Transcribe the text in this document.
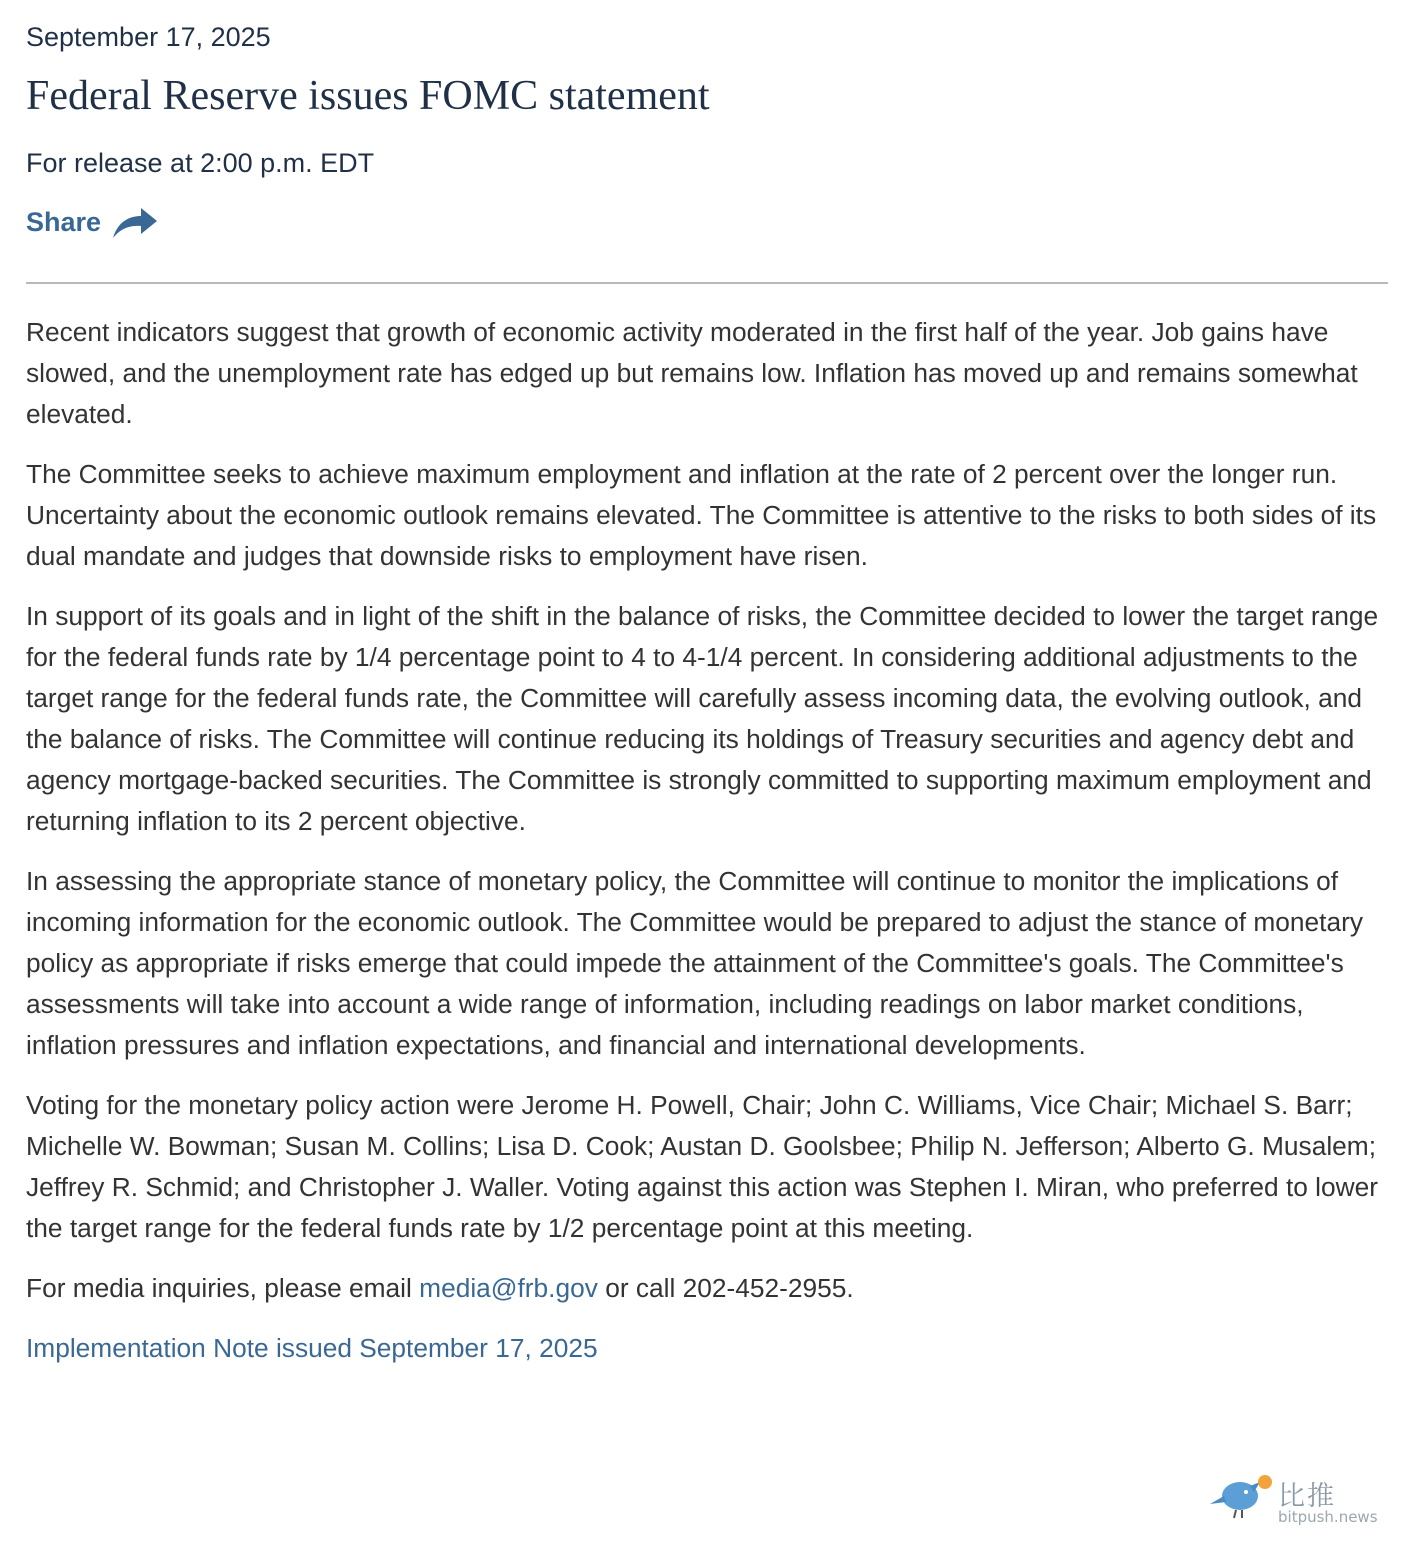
September 17, 2025

Federal Reserve issues FOMC statement

For release at 2:00 p.m. EDT

Share

Recent indicators suggest that growth of economic activity moderated in the first half of the year. Job gains have slowed, and the unemployment rate has edged up but remains low. Inflation has moved up and remains somewhat elevated.

The Committee seeks to achieve maximum employment and inflation at the rate of 2 percent over the longer run. Uncertainty about the economic outlook remains elevated. The Committee is attentive to the risks to both sides of its dual mandate and judges that downside risks to employment have risen.

In support of its goals and in light of the shift in the balance of risks, the Committee decided to lower the target range for the federal funds rate by 1/4 percentage point to 4 to 4-1/4 percent. In considering additional adjustments to the target range for the federal funds rate, the Committee will carefully assess incoming data, the evolving outlook, and the balance of risks. The Committee will continue reducing its holdings of Treasury securities and agency debt and agency mortgage-backed securities. The Committee is strongly committed to supporting maximum employment and returning inflation to its 2 percent objective.

In assessing the appropriate stance of monetary policy, the Committee will continue to monitor the implications of incoming information for the economic outlook. The Committee would be prepared to adjust the stance of monetary policy as appropriate if risks emerge that could impede the attainment of the Committee's goals. The Committee's assessments will take into account a wide range of information, including readings on labor market conditions, inflation pressures and inflation expectations, and financial and international developments.

Voting for the monetary policy action were Jerome H. Powell, Chair; John C. Williams, Vice Chair; Michael S. Barr; Michelle W. Bowman; Susan M. Collins; Lisa D. Cook; Austan D. Goolsbee; Philip N. Jefferson; Alberto G. Musalem; Jeffrey R. Schmid; and Christopher J. Waller. Voting against this action was Stephen I. Miran, who preferred to lower the target range for the federal funds rate by 1/2 percentage point at this meeting.

For media inquiries, please email media@frb.gov or call 202-452-2955.

Implementation Note issued September 17, 2025
比推
bitpush.news
